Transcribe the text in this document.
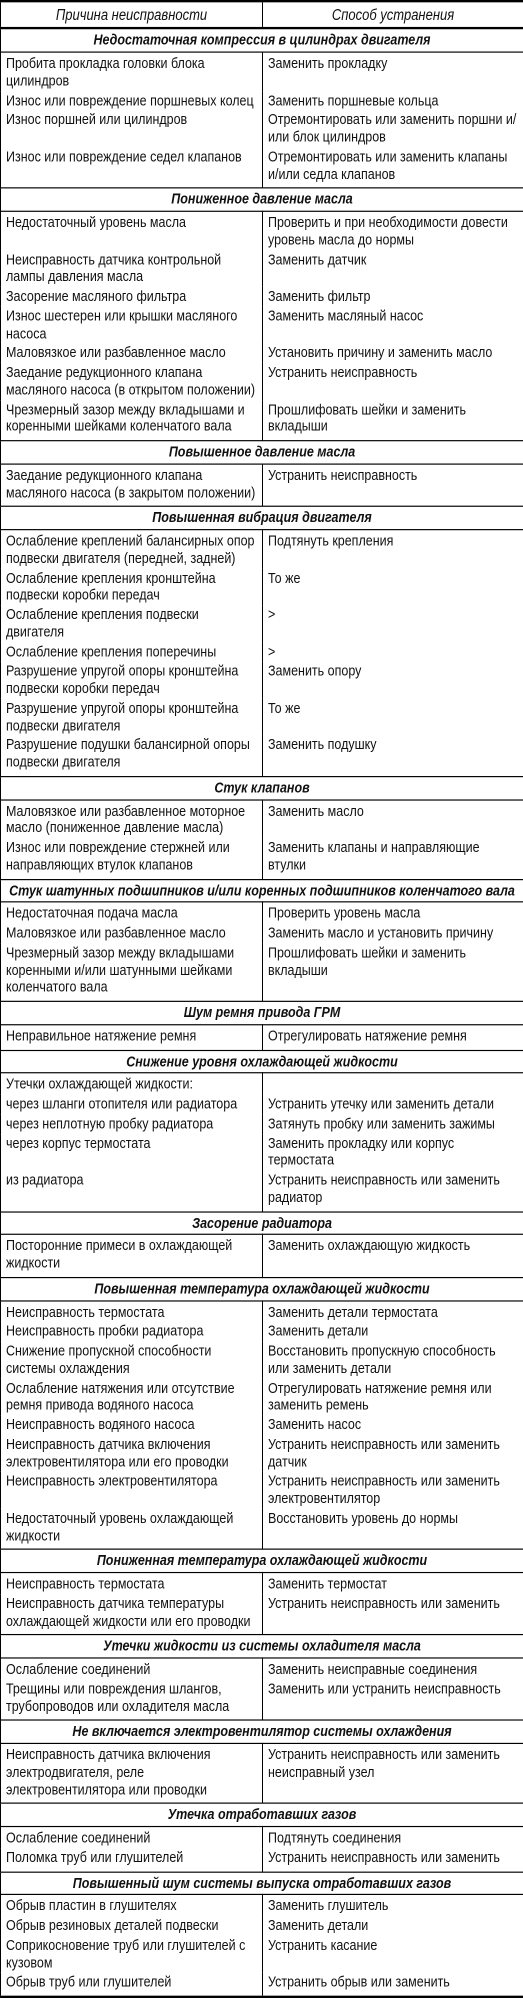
Причина неисправности	Способ устранения
Недостаточная компрессия в цилиндрах двигателя	
Пробита прокладка головки блока цилиндров	Заменить прокладку
Износ или повреждение поршневых колец	Заменить поршневые кольца
Износ поршней или цилиндров	Отремонтировать или заменить поршни и/или блок цилиндров
Износ или повреждение седел клапанов	Отремонтировать или заменить клапаны и/или седла клапанов
Пониженное давление масла	
Недостаточный уровень масла	Проверить и при необходимости довести уровень масла до нормы
Неисправность датчика контрольной лампы давления масла	Заменить датчик
Засорение масляного фильтра	Заменить фильтр
Износ шестерен или крышки масляного насоса	Заменить масляный насос
Маловязкое или разбавленное масло	Установить причину и заменить масло
Заедание редукционного клапана масляного насоса (в открытом положении)	Устранить неисправность
Чрезмерный зазор между вкладышами и коренными шейками коленчатого вала	Прошлифовать шейки и заменить вкладыши
Повышенное давление масла	
Заедание редукционного клапана масляного насоса (в закрытом положении)	Устранить неисправность
Повышенная вибрация двигателя	
Ослабление креплений балансирных опор подвески двигателя (передней, задней)	Подтянуть крепления
Ослабление крепления кронштейна подвески коробки передач	То же
Ослабление крепления подвески двигателя	>
Ослабление крепления поперечины	>
Разрушение упругой опоры кронштейна подвески коробки передач	Заменить опору
Разрушение упругой опоры кронштейна подвески двигателя	То же
Разрушение подушки балансирной опоры подвески двигателя	Заменить подушку
Стук клапанов	
Маловязкое или разбавленное моторное масло (пониженное давление масла)	Заменить масло
Износ или повреждение стержней или направляющих втулок клапанов	Заменить клапаны и направляющие втулки
Стук шатунных подшипников и/или коренных подшипников коленчатого вала	
Недостаточная подача масла	Проверить уровень масла
Маловязкое или разбавленное масло	Заменить масло и установить причину
Чрезмерный зазор между вкладышами коренными и/или шатунными шейками коленчатого вала	Прошлифовать шейки и заменить вкладыши
Шум ремня привода ГРМ	
Неправильное натяжение ремня	Отрегулировать натяжение ремня
Снижение уровня охлаждающей жидкости	
Утечки охлаждающей жидкости:	
через шланги отопителя или радиатора	Устранить утечку или заменить детали
через неплотную пробку радиатора	Затянуть пробку или заменить зажимы
через корпус термостата	Заменить прокладку или корпус термостата
из радиатора	Устранить неисправность или заменить радиатор
Засорение радиатора	
Посторонние примеси в охлаждающей жидкости	Заменить охлаждающую жидкость
Повышенная температура охлаждающей жидкости	
Неисправность термостата	Заменить детали термостата
Неисправность пробки радиатора	Заменить детали
Снижение пропускной способности системы охлаждения	Восстановить пропускную способность или заменить детали
Ослабление натяжения или отсутствие ремня привода водяного насоса	Отрегулировать натяжение ремня или заменить ремень
Неисправность водяного насоса	Заменить насос
Неисправность датчика включения электровентилятора или его проводки	Устранить неисправность или заменить датчик
Неисправность электровентилятора	Устранить неисправность или заменить электровентилятор
Недостаточный уровень охлаждающей жидкости	Восстановить уровень до нормы
Пониженная температура охлаждающей жидкости	
Неисправность термостата	Заменить термостат
Неисправность датчика температуры охлаждающей жидкости или его проводки	Устранить неисправность или заменить
Утечки жидкости из системы охладителя масла	
Ослабление соединений	Заменить неисправные соединения
Трещины или повреждения шлангов, трубопроводов или охладителя масла	Заменить или устранить неисправность
Не включается электровентилятор системы охлаждения	
Неисправность датчика включения электродвигателя, реле электровентилятора или проводки	Устранить неисправность или заменить неисправный узел
Утечка отработавших газов	
Ослабление соединений	Подтянуть соединения
Поломка труб или глушителей	Устранить неисправность или заменить
Повышенный шум системы выпуска отработавших газов	
Обрыв пластин в глушителях	Заменить глушитель
Обрыв резиновых деталей подвески	Заменить детали
Соприкосновение труб или глушителей с кузовом	Устранить касание
Обрыв труб или глушителей	Устранить обрыв или заменить
